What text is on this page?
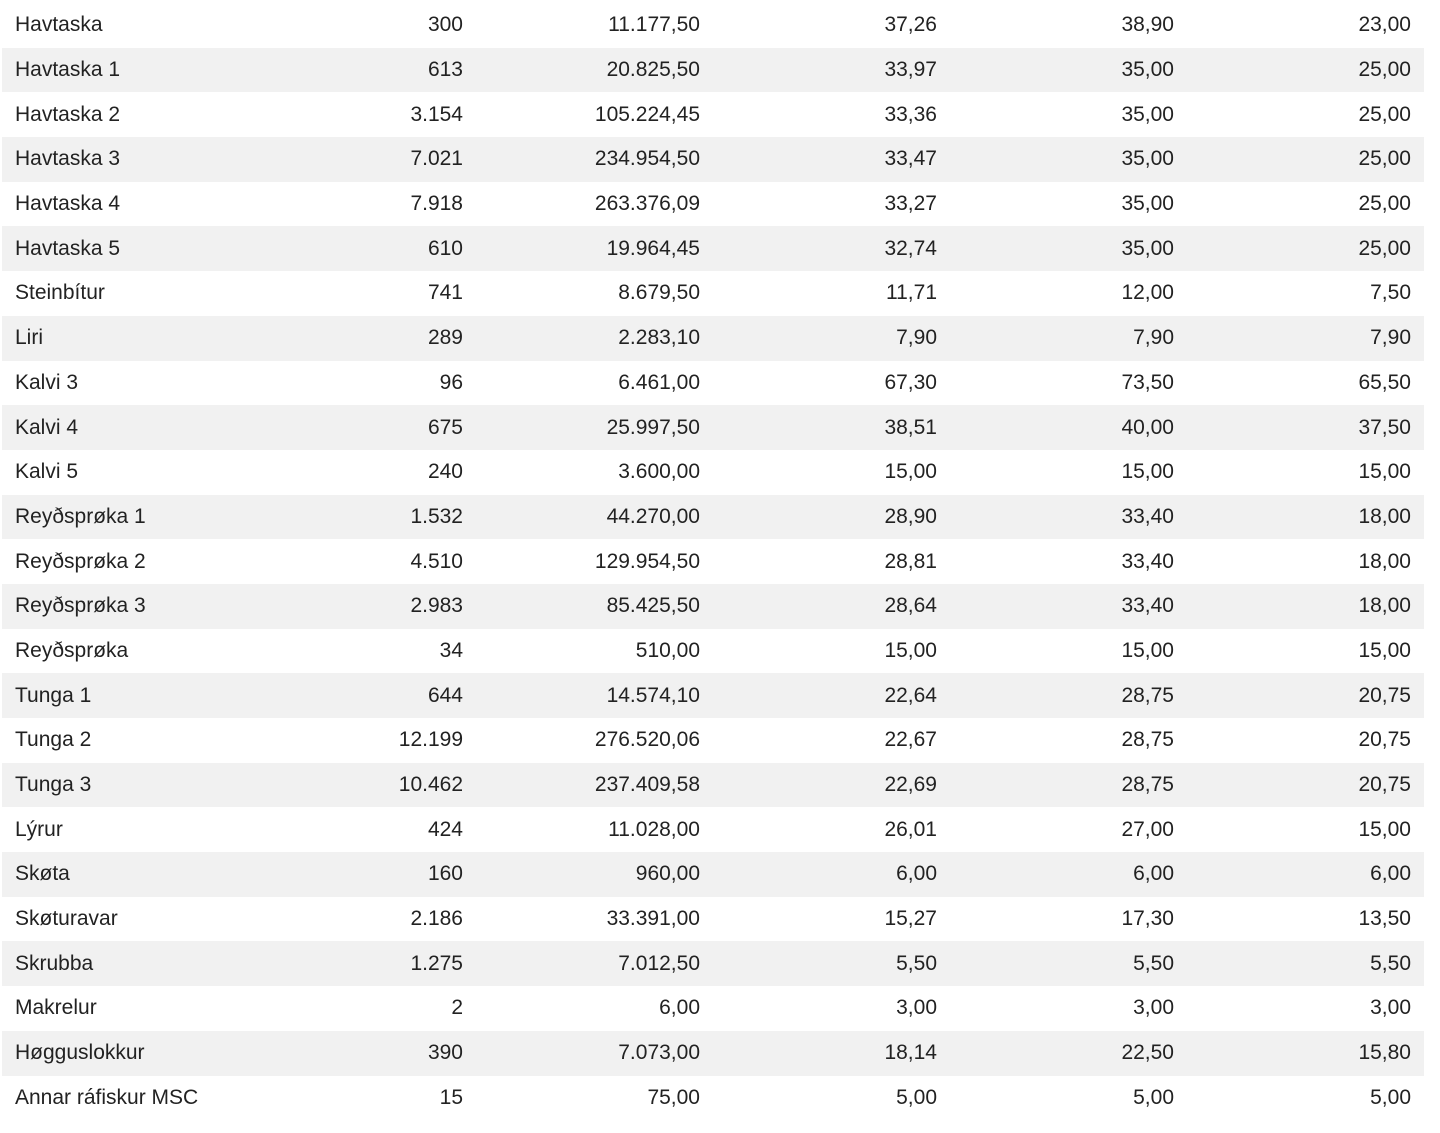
Havtaska	300	11.177,50	37,26	38,90	23,00
Havtaska 1	613	20.825,50	33,97	35,00	25,00
Havtaska 2	3.154	105.224,45	33,36	35,00	25,00
Havtaska 3	7.021	234.954,50	33,47	35,00	25,00
Havtaska 4	7.918	263.376,09	33,27	35,00	25,00
Havtaska 5	610	19.964,45	32,74	35,00	25,00
Steinbítur	741	8.679,50	11,71	12,00	7,50
Liri	289	2.283,10	7,90	7,90	7,90
Kalvi 3	96	6.461,00	67,30	73,50	65,50
Kalvi 4	675	25.997,50	38,51	40,00	37,50
Kalvi 5	240	3.600,00	15,00	15,00	15,00
Reyðsprøka 1	1.532	44.270,00	28,90	33,40	18,00
Reyðsprøka 2	4.510	129.954,50	28,81	33,40	18,00
Reyðsprøka 3	2.983	85.425,50	28,64	33,40	18,00
Reyðsprøka	34	510,00	15,00	15,00	15,00
Tunga 1	644	14.574,10	22,64	28,75	20,75
Tunga 2	12.199	276.520,06	22,67	28,75	20,75
Tunga 3	10.462	237.409,58	22,69	28,75	20,75
Lýrur	424	11.028,00	26,01	27,00	15,00
Skøta	160	960,00	6,00	6,00	6,00
Skøturavar	2.186	33.391,00	15,27	17,30	13,50
Skrubba	1.275	7.012,50	5,50	5,50	5,50
Makrelur	2	6,00	3,00	3,00	3,00
Høgguslokkur	390	7.073,00	18,14	22,50	15,80
Annar ráfiskur MSC	15	75,00	5,00	5,00	5,00
